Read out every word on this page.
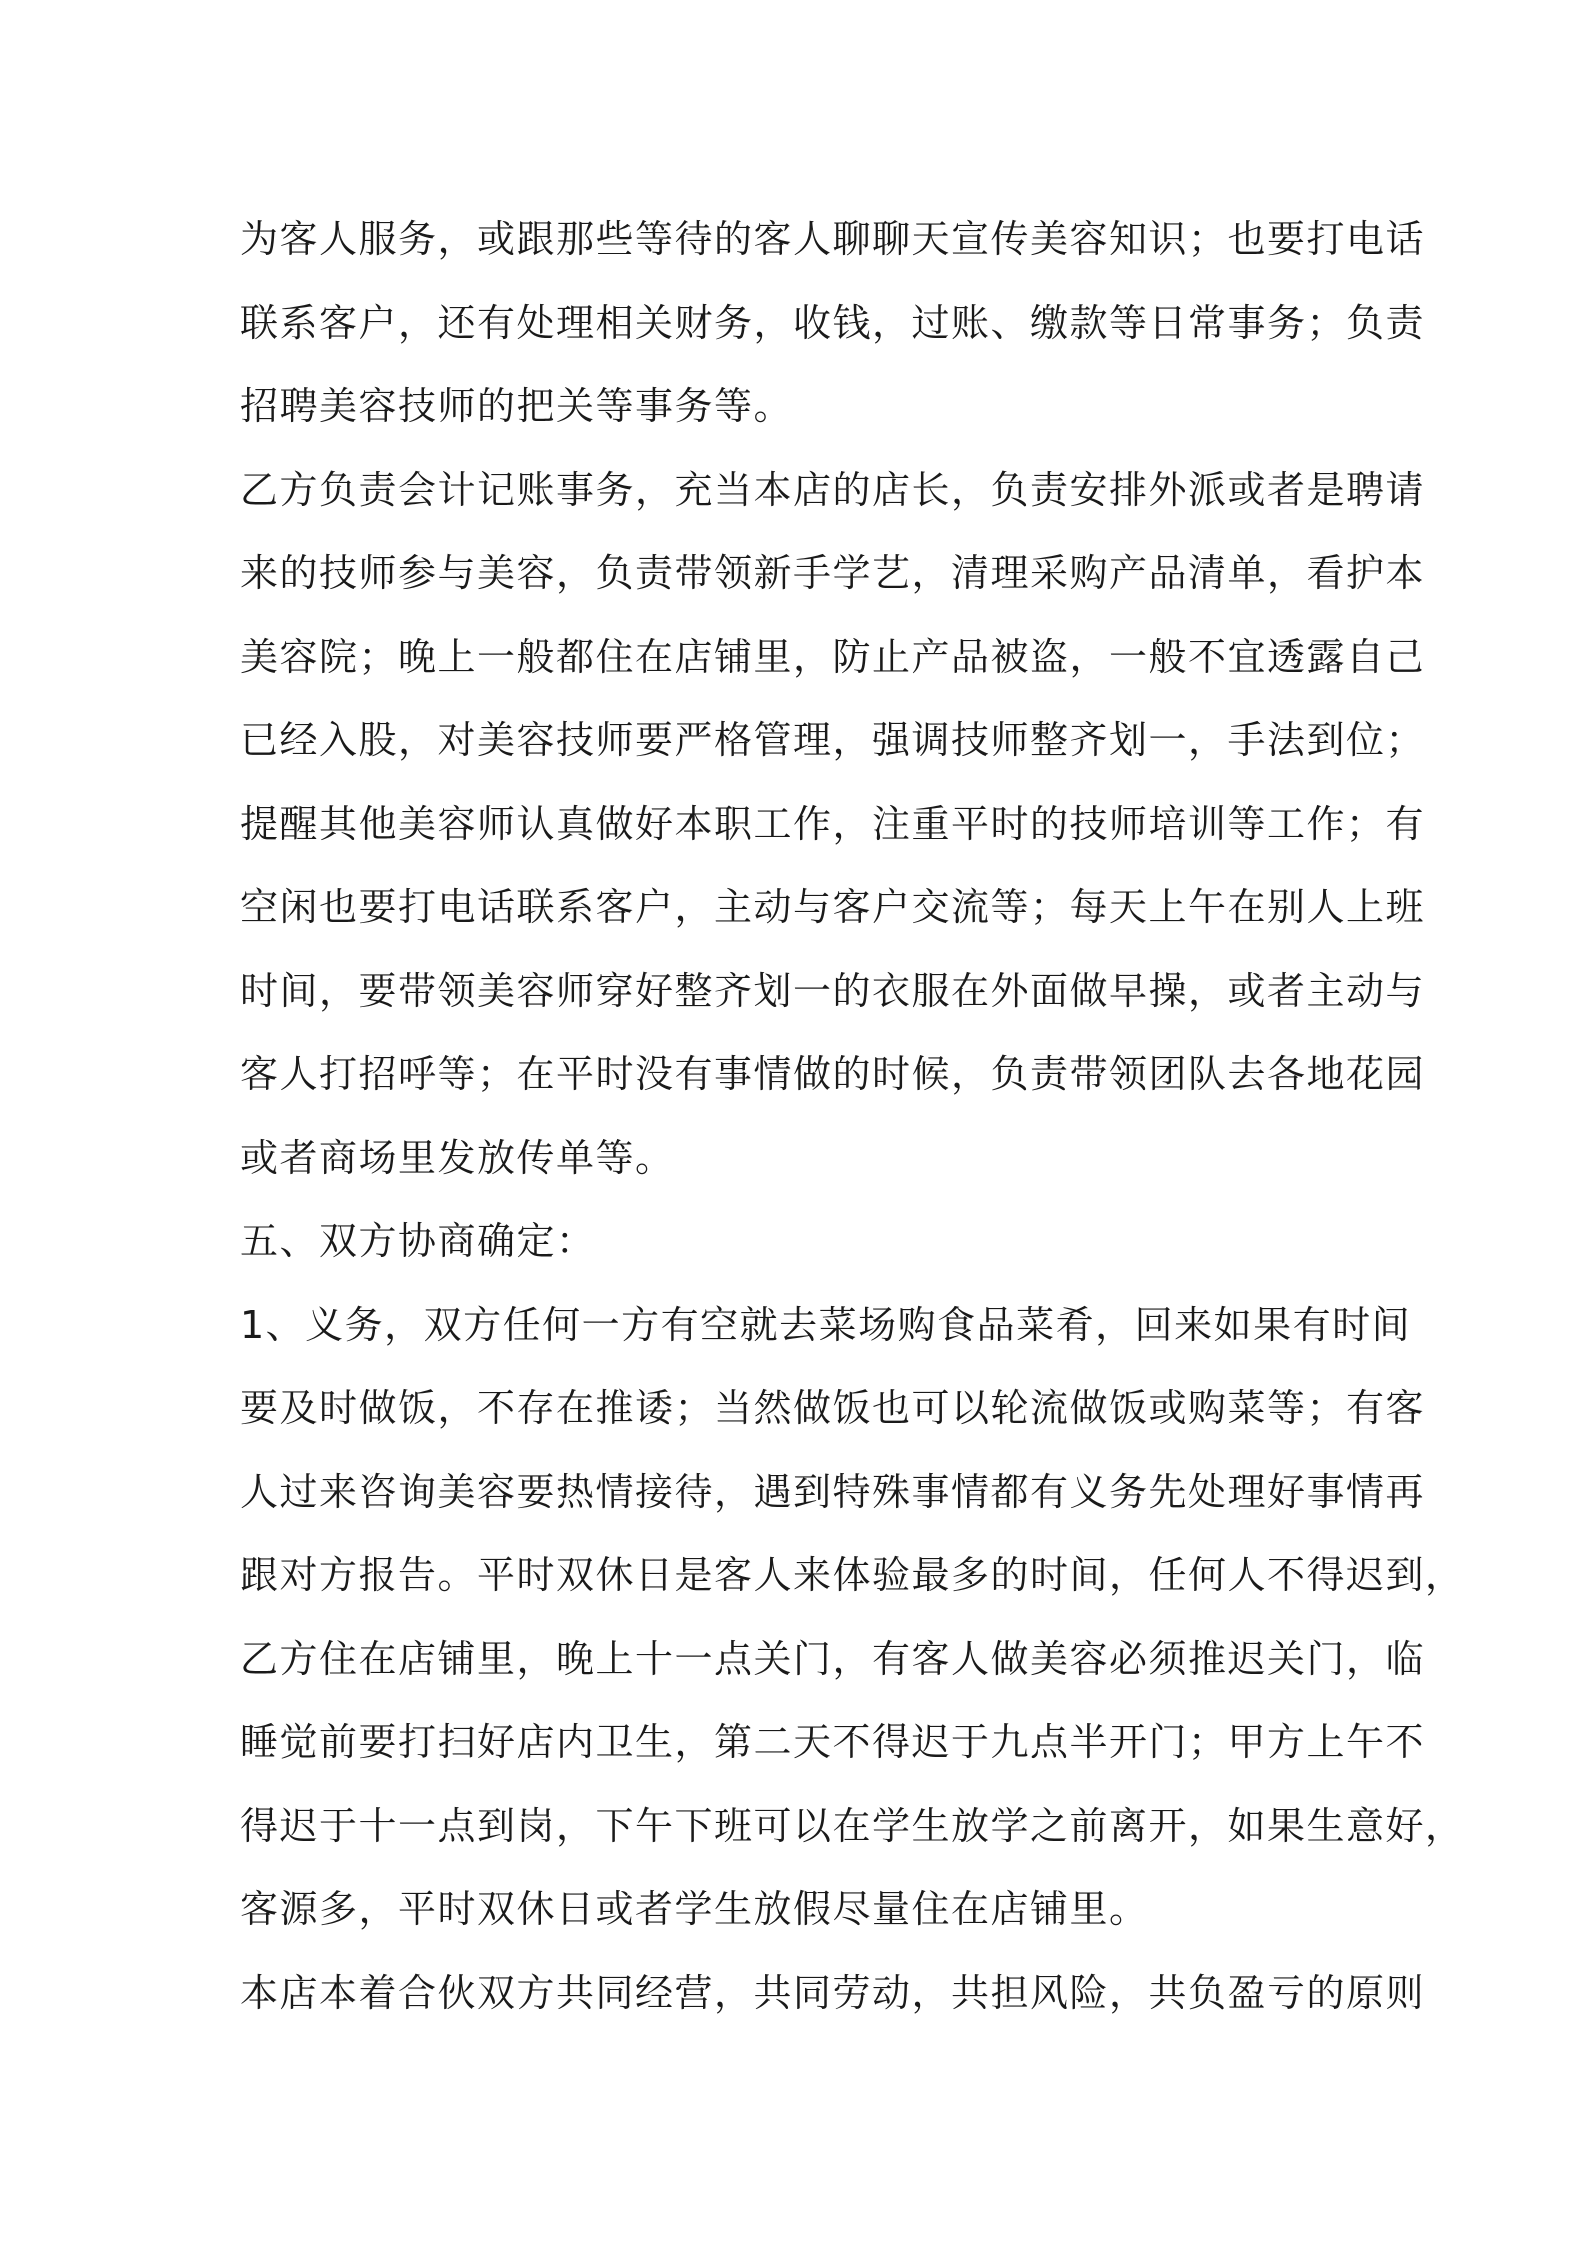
为客人服务，或跟那些等待的客人聊聊天宣传美容知识；也要打电话
联系客户，还有处理相关财务，收钱，过账、缴款等日常事务；负责
招聘美容技师的把关等事务等。
乙方负责会计记账事务，充当本店的店长，负责安排外派或者是聘请
来的技师参与美容，负责带领新手学艺，清理采购产品清单，看护本
美容院；晚上一般都住在店铺里，防止产品被盗，一般不宜透露自己
已经入股，对美容技师要严格管理，强调技师整齐划一，手法到位；
提醒其他美容师认真做好本职工作，注重平时的技师培训等工作；有
空闲也要打电话联系客户，主动与客户交流等；每天上午在别人上班
时间，要带领美容师穿好整齐划一的衣服在外面做早操，或者主动与
客人打招呼等；在平时没有事情做的时候，负责带领团队去各地花园
或者商场里发放传单等。
五、双方协商确定：
1、义务，双方任何一方有空就去菜场购食品菜肴，回来如果有时间
要及时做饭，不存在推诿；当然做饭也可以轮流做饭或购菜等；有客
人过来咨询美容要热情接待，遇到特殊事情都有义务先处理好事情再
跟对方报告。平时双休日是客人来体验最多的时间，任何人不得迟到，
乙方住在店铺里，晚上十一点关门，有客人做美容必须推迟关门，临
睡觉前要打扫好店内卫生，第二天不得迟于九点半开门；甲方上午不
得迟于十一点到岗，下午下班可以在学生放学之前离开，如果生意好，
客源多，平时双休日或者学生放假尽量住在店铺里。
本店本着合伙双方共同经营，共同劳动，共担风险，共负盈亏的原则
